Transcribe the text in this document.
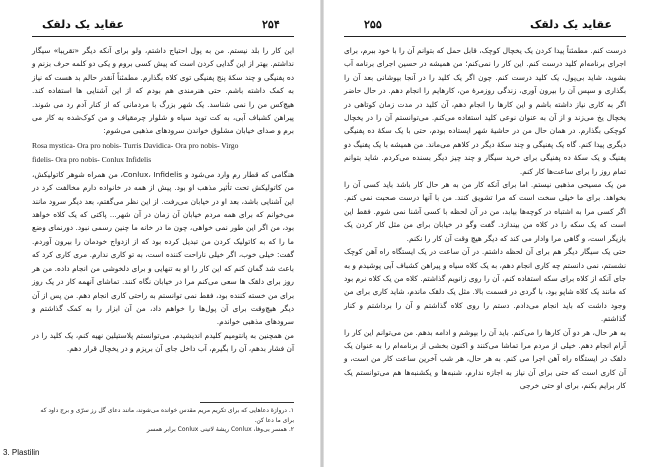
۲۵۴
عقاید یک دلقک

این کار را بلد نیستم. من به پول احتیاج داشتم، ولو برای آنکه دیگر «تقریبا» سیگار نداشتم. بهتر از این گدایی کردن است که پیش کسی بروم و یکی دو کلمه حرف بزنم و ده پفنیگی و چند سکهٔ پنج پفنیگی توی کلاه بگذارم. مطمئناً آنقدر حالم بد هست که نیاز به کمک داشته باشم. حتی هنرمندی هم بودم که از این آشنایی ها استفاده کند. هیچ‌کس من را نمی شناسد. یک شهر بزرگ با مردمانی که از کنار آدم رد می شوند. پیراهن کشباف آبی، به کت توید سیاه و شلوار چرمقیاف و من کوک‌شده به کار می برم و صدای خیابان مشلوق خواندن سرودهای مذهبی می‌شوم:

Rosa mystica- Ora pro nobis- Turris Davidica- Ora pro nobis- Virgo

fidelis- Ora pro nobis- Conlux Infidelis

هنگامی که قطار رم وارد می‌شود و Conlux، Infidelis، من همراه شوهر کاتولیکش، من کاتولیکش تحت تأثیر مذهب او بود. پیش از همه در خانواده دارم مخالفت کرد در این آشنایی باشد، بعد او در خیابان می‌رفت. از این نظر می‌گفتم، بعد دیگر سرود مانند می‌خوانم که برای همه مردم خیابان آن زمان در آن شهر... پاکتی که یک کلاه خواهد بود، من اگر این طور نمی خواهی، چون ما در خانه ما چنین رسمی نبود. دورنمای وضع ما را که به کاتولیک کردن من تبدیل کرده بود که از ازدواج خودمان را بیرون آوردم. گفت: خیلی خوب، اگر خیلی ناراحت کننده است، به تو کاری ندارم. مری کاری کرد که باعث شد گمان کنم که این کار را او به تنهایی و برای دلخوشی من انجام داده. من هر روز برای دلقک ها سعی می‌کنم مرا در خیابان نگاه کنند. تماشای آنهمه کار در یک روز برای من خسته کننده بود، فقط نمی توانستم به راحتی کاری انجام دهم. من پس از آن دیگر هیچ‌وقت برای آن پول‌ها را خواهم داد، من آن ابزار را به کمک گذاشتم و سرودهای مذهبی خواندم.

من همچنین به پانتومیم کلیدم اندیشیدم. می‌توانستم پلاستیلین نهیه کنم، یک کلید را در آن فشار بدهم، آن را بگیرم، آب داخل جای آن بریزم و در یخچال قرار دهم.

۱. دروازهٔ دعاهایی که برای تکریم مریم مقدس خوانده می‌شوند، مانند دعای گل رز سرّی و برج داود که برای ما دعا کن.

۲. همسر بی‌وفا، Conlux ریشهٔ لاتینی Conlux برابر همسر

3. Plastilin
۲۵۵	عقاید یک دلقک

درست کنم. مطمئناً پیدا کردن یک یخچال کوچک، قابل حمل که بتوانم آن را با خود ببرم، برای اجرای برنامه‌ام کلید درست کنم. این کار را نمی‌کنم؛ من همیشه در حسین اجرای برنامه آب بشوید، شاید بی‌پول، یک کلید درست کنم. چون اگر یک کلید را در آنجا بپوشانی بعد آن را بگذاری و سپس آن را بیرون آوری، زندگی روزمرهٔ من، کارهایم را انجام دهم. در حال حاضر اگر به کاری نیاز داشته باشم و این کارها را انجام دهم، آن کلید در مدت زمان کوتاهی در یخچال یخ می‌زند و از آن به عنوان نوعی کلید استفاده می‌کنم. می‌توانستم آن را در یخچال کوچکی بگذارم. در همان حال من در حاشیهٔ شهر ایستاده بودم، حتی با یک سکهٔ ده پفنیگی دیگری پیدا کنم. گاه یک پفنیگی و چند سکهٔ دیگر در کلاهم می‌ماند. من همیشه با یک پفنیگ دو پفنیگ و یک سکهٔ ده پفنیگی برای خرید سیگار و چند چیز دیگر بسنده می‌کردم. شاید بتوانم تمام روز را برای ساعت‌ها کار کنم.

من یک مسیحی مذهبی نیستم. اما برای آنکه کار من به هر حال کار باشد باید کسی آن را بخواهد. برای ما خیلی سخت است که مرا تشویق کنند. من با آنها درست صحبت نمی کنم. اگر کسی مرا به اشتباه در کوچه‌ها بیابد، من در آن لحظه با کسی آشنا نمی شوم. فقط این است که یک سکه را در کلاه من بیندازد. گفت وگو در خیابان برای من مثل کار کردن یک بازیگر است، و گاهی مرا وادار می کند که دیگر هیچ وقت آن کار را نکنم.

حتی یک سیگار دیگر هم برای آن لحظه داشتم. در آن ساعت در یک ایستگاه راه آهن کوچک نشستم، نمی دانستم چه کاری انجام دهم، به یک کلاه سیاه و پیراهن کشباف آبی پوشیدم و به جای آنکه از کلاه برای سکه استفاده کنم، آن را روی زانویم گذاشتم. کلاه من یک کلاه نرم بود که مانند یک کلاه شاپو بود، با گردی در قسمت بالا. مثل یک دلقک ماندم، شاید کاری برای من وجود داشت که باید انجام می‌دادم. دستم را روی کلاه گذاشتم و آن را برداشتم و کنار گذاشتم.

به هر حال، هر دو آن کارها را می‌کنم. باید آن را بپوشم و ادامه بدهم. من می‌توانم این کار را آرام انجام دهم. خیلی از مردم مرا تماشا می‌کنند و اکنون بخشی از برنامه‌ام را به عنوان یک دلقک در ایستگاه راه آهن اجرا می کنم. به هر حال، هر شب آخرین ساعت کار من است، و آن کاری است که حتی برای آن نیاز به اجازه ندارم، شنبه‌ها و یکشنبه‌ها هم می‌توانستم یک کار برایم بکنم، برای او حتی خرجی
